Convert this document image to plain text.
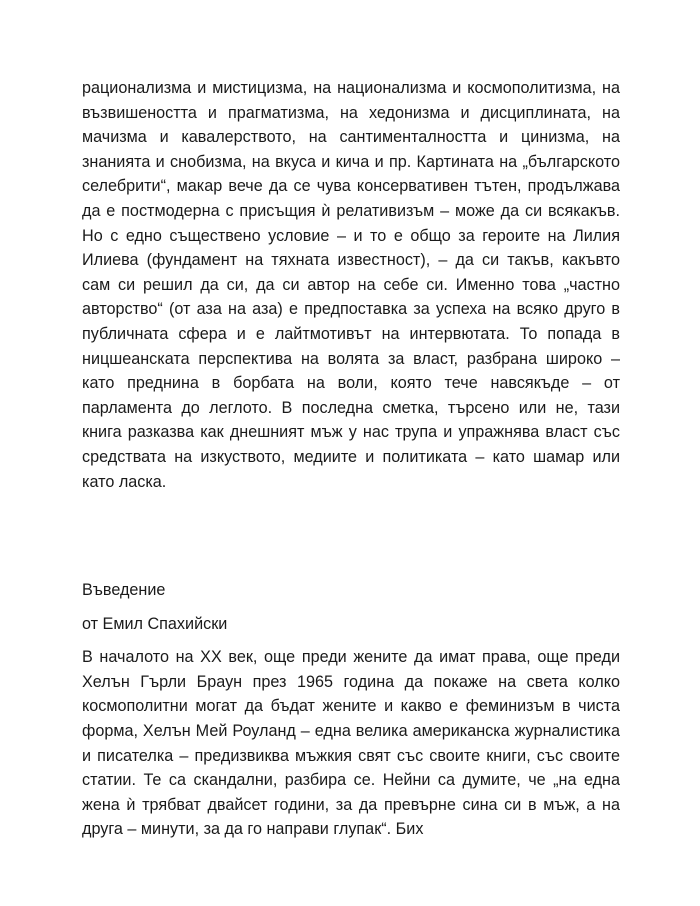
рационализма и мистицизма, на национализма и космополитизма, на възвишеността и прагматизма, на хедонизма и дисциплината, на мачизма и кавалерството, на сантименталността и цинизма, на знанията и снобизма, на вкуса и кича и пр. Картината на „българското селебрити“, макар вече да се чува консервативен тътен, продължава да е постмодерна с присъщия ѝ релативизъм – може да си всякакъв. Но с едно съществено условие – и то е общо за героите на Лилия Илиева (фундамент на тяхната известност), – да си такъв, какъвто сам си решил да си, да си автор на себе си. Именно това „частно авторство“ (от аза на аза) е предпоставка за успеха на всяко друго в публичната сфера и е лайтмотивът на интервютата. То попада в ницшеанската перспектива на волята за власт, разбрана широко – като преднина в борбата на воли, която тече навсякъде – от парламента до леглото. В последна сметка, търсено или не, тази книга разказва как днешният мъж у нас трупа и упражнява власт със средствата на изкуството, медиите и политиката – като шамар или като ласка.

Въведение

от Емил Спахийски

В началото на XX век, още преди жените да имат права, още преди Хелън Гърли Браун през 1965 година да покаже на света колко космополитни могат да бъдат жените и какво е феминизъм в чиста форма, Хелън Мей Роуланд – една велика американска журналистика и писателка – предизвиква мъжкия свят със своите книги, със своите статии. Те са скандални, разбира се. Нейни са думите, че „на една жена ѝ трябват двайсет години, за да превърне сина си в мъж, а на друга – минути, за да го направи глупак“. Бих
